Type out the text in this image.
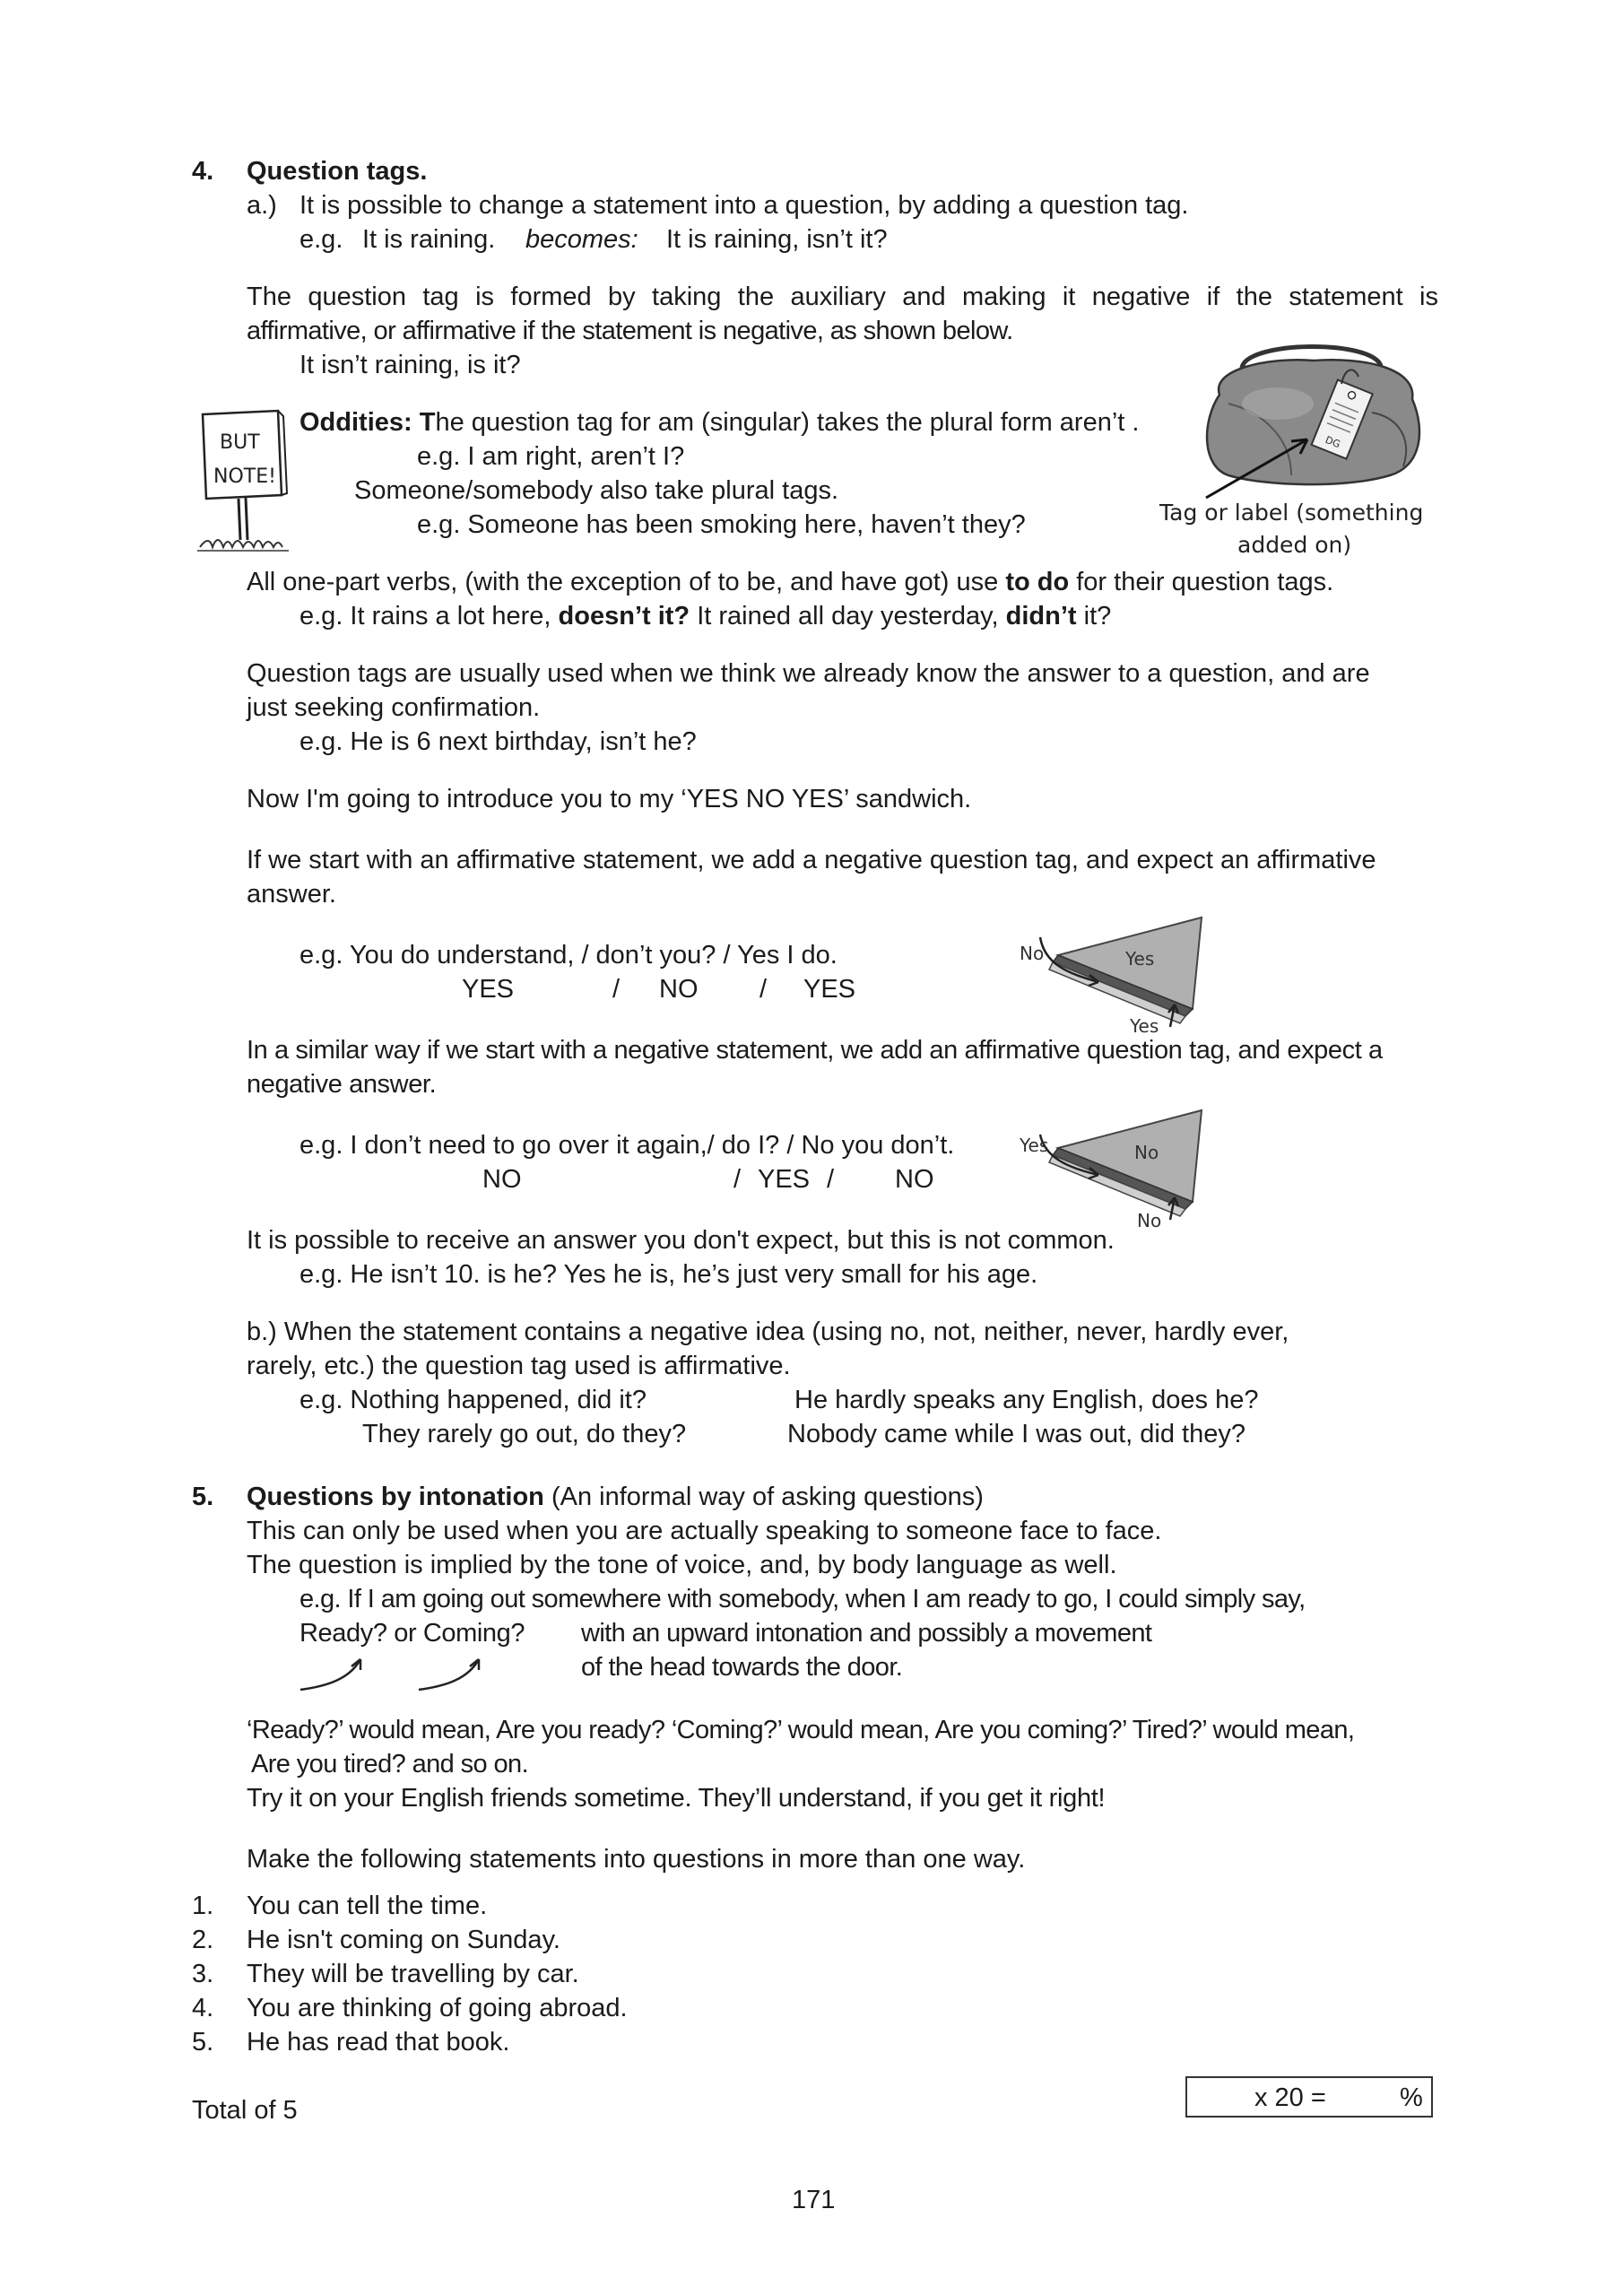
4. Question tags.
a.) It is possible to change a statement into a question, by adding a question tag.
e.g. It is raining. becomes: It is raining, isn’t it?
The question tag is formed by taking the auxiliary and making it negative if the statement is
affirmative, or affirmative if the statement is negative, as shown below.
It isn’t raining, is it?
BUT
NOTE!
Oddities: The question tag for am (singular) takes the plural form aren’t .
e.g. I am right, aren’t I?
Someone/somebody also take plural tags.
e.g. Someone has been smoking here, haven’t they?
DG
Tag or label (something
added on)
All one-part verbs, (with the exception of to be, and have got) use to do for their question tags.
e.g. It rains a lot here, doesn’t it? It rained all day yesterday, didn’t it?
Question tags are usually used when we think we already know the answer to a question, and are
just seeking confirmation.
e.g. He is 6 next birthday, isn’t he?
Now I'm going to introduce you to my ‘YES NO YES’ sandwich.
If we start with an affirmative statement, we add a negative question tag, and expect an affirmative
answer.
e.g. You do understand, / don’t you? / Yes I do.
YES	/ NO / YES
No	Yes
Yes
In a similar way if we start with a negative statement, we add an affirmative question tag, and expect a
negative answer.
e.g. I don’t need to go over it again,/ do I? / No you don’t.
NO	/ YES / NO
Yes	No
No
It is possible to receive an answer you don't expect, but this is not common.
e.g. He isn’t 10. is he? Yes he is, he’s just very small for his age.
b.) When the statement contains a negative idea (using no, not, neither, never, hardly ever,
rarely, etc.) the question tag used is affirmative.
e.g. Nothing happened, did it?	He hardly speaks any English, does he?
They rarely go out, do they?	Nobody came while I was out, did they?
5. Questions by intonation (An informal way of asking questions)
This can only be used when you are actually speaking to someone face to face.
The question is implied by the tone of voice, and, by body language as well.
e.g. If I am going out somewhere with somebody, when I am ready to go, I could simply say,
Ready? or Coming? with an upward intonation and possibly a movement
of the head towards the door.
‘Ready?’ would mean, Are you ready? ‘Coming?’ would mean, Are you coming?’ Tired?’ would mean,
Are you tired? and so on.
Try it on your English friends sometime. They’ll understand, if you get it right!
Make the following statements into questions in more than one way.
1. You can tell the time.
2. He isn't coming on Sunday.
3. They will be travelling by car.
4. You are thinking of going abroad.
5. He has read that book.
Total of 5	x 20 =	%
171
